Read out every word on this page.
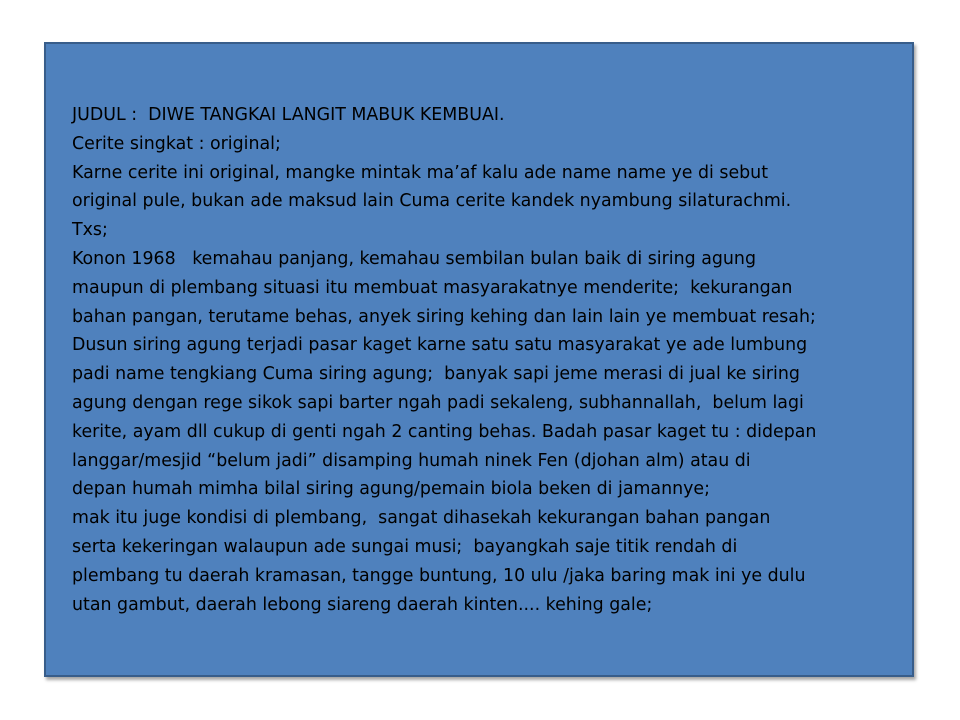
JUDUL :  DIWE TANGKAI LANGIT MABUK KEMBUAI.

Cerite singkat : original;

Karne cerite ini original, mangke mintak ma’af kalu ade name name ye di sebut

original pule, bukan ade maksud lain Cuma cerite kandek nyambung silaturachmi.

Txs;

Konon 1968   kemahau panjang, kemahau sembilan bulan baik di siring agung

maupun di plembang situasi itu membuat masyarakatnye menderite;  kekurangan

bahan pangan, terutame behas, anyek siring kehing dan lain lain ye membuat resah;

Dusun siring agung terjadi pasar kaget karne satu satu masyarakat ye ade lumbung

padi name tengkiang Cuma siring agung;  banyak sapi jeme merasi di jual ke siring

agung dengan rege sikok sapi barter ngah padi sekaleng, subhannallah,  belum lagi

kerite, ayam dll cukup di genti ngah 2 canting behas. Badah pasar kaget tu : didepan

langgar/mesjid “belum jadi” disamping humah ninek Fen (djohan alm) atau di

depan humah mimha bilal siring agung/pemain biola beken di jamannye;

mak itu juge kondisi di plembang,  sangat dihasekah kekurangan bahan pangan

serta kekeringan walaupun ade sungai musi;  bayangkah saje titik rendah di

plembang tu daerah kramasan, tangge buntung, 10 ulu /jaka baring mak ini ye dulu

utan gambut, daerah lebong siareng daerah kinten.... kehing gale;
